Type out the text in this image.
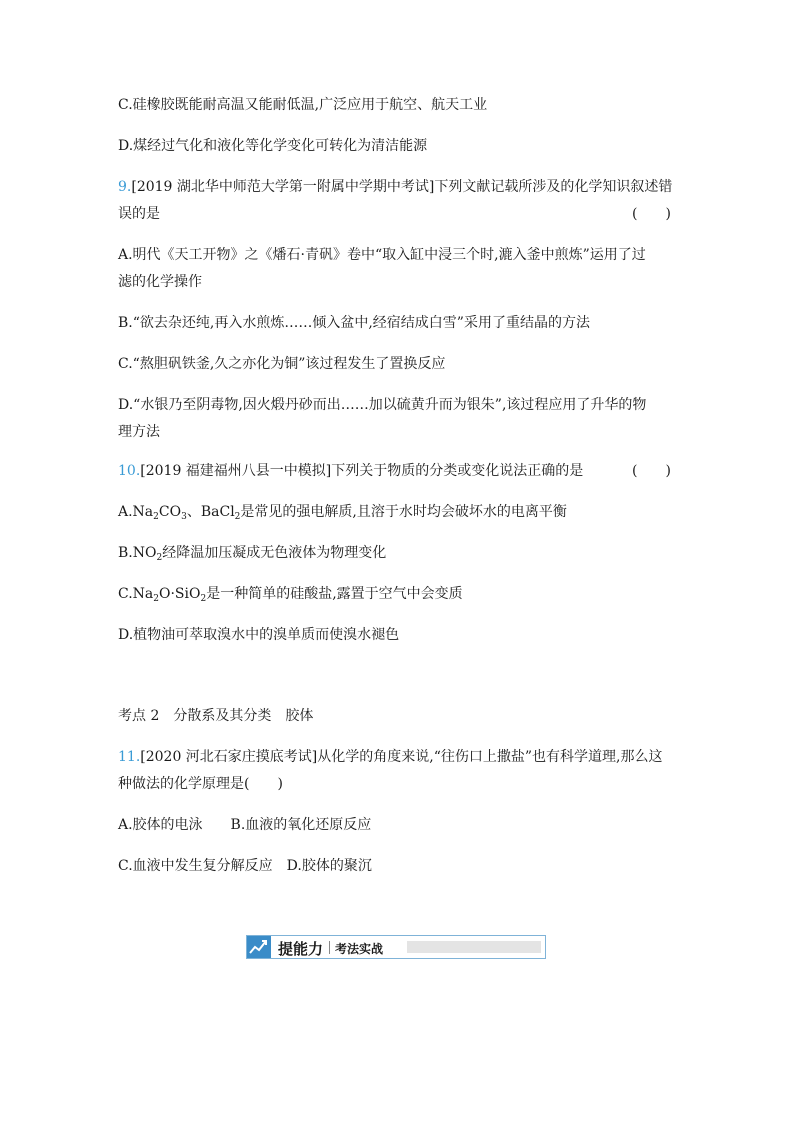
C.硅橡胶既能耐高温又能耐低温,广泛应用于航空、航天工业
D.煤经过气化和液化等化学变化可转化为清洁能源
9.[2019 湖北华中师范大学第一附属中学期中考试]下列文献记载所涉及的化学知识叙述错
误的是	(　　)
A.明代《天工开物》之《燔石·青矾》卷中“取入缸中浸三个时,漉入釜中煎炼”运用了过
滤的化学操作
B.“欲去杂还纯,再入水煎炼……倾入盆中,经宿结成白雪”采用了重结晶的方法
C.“熬胆矾铁釜,久之亦化为铜”该过程发生了置换反应
D.“水银乃至阴毒物,因火煅丹砂而出……加以硫黄升而为银朱”,该过程应用了升华的物
理方法
10.[2019 福建福州八县一中模拟]下列关于物质的分类或变化说法正确的是	(　　)
$A.Na_2CO_3$、BaCl$_2$是常见的强电解质,且溶于水时均会破坏水的电离平衡
$B.NO_2$经降温加压凝成无色液体为物理变化
$C.Na_2O\cdot SiO_2$是一种简单的硅酸盐,露置于空气中会变质
D.植物油可萃取溴水中的溴单质而使溴水褪色
考点 2　分散系及其分类　胶体
11.[2020 河北石家庄摸底考试]从化学的角度来说,“往伤口上撒盐”也有科学道理,那么这
种做法的化学原理是(　　)
A.胶体的电泳　　B.血液的氧化还原反应
C.血液中发生复分解反应　D.胶体的聚沉
提能力 考法实战
